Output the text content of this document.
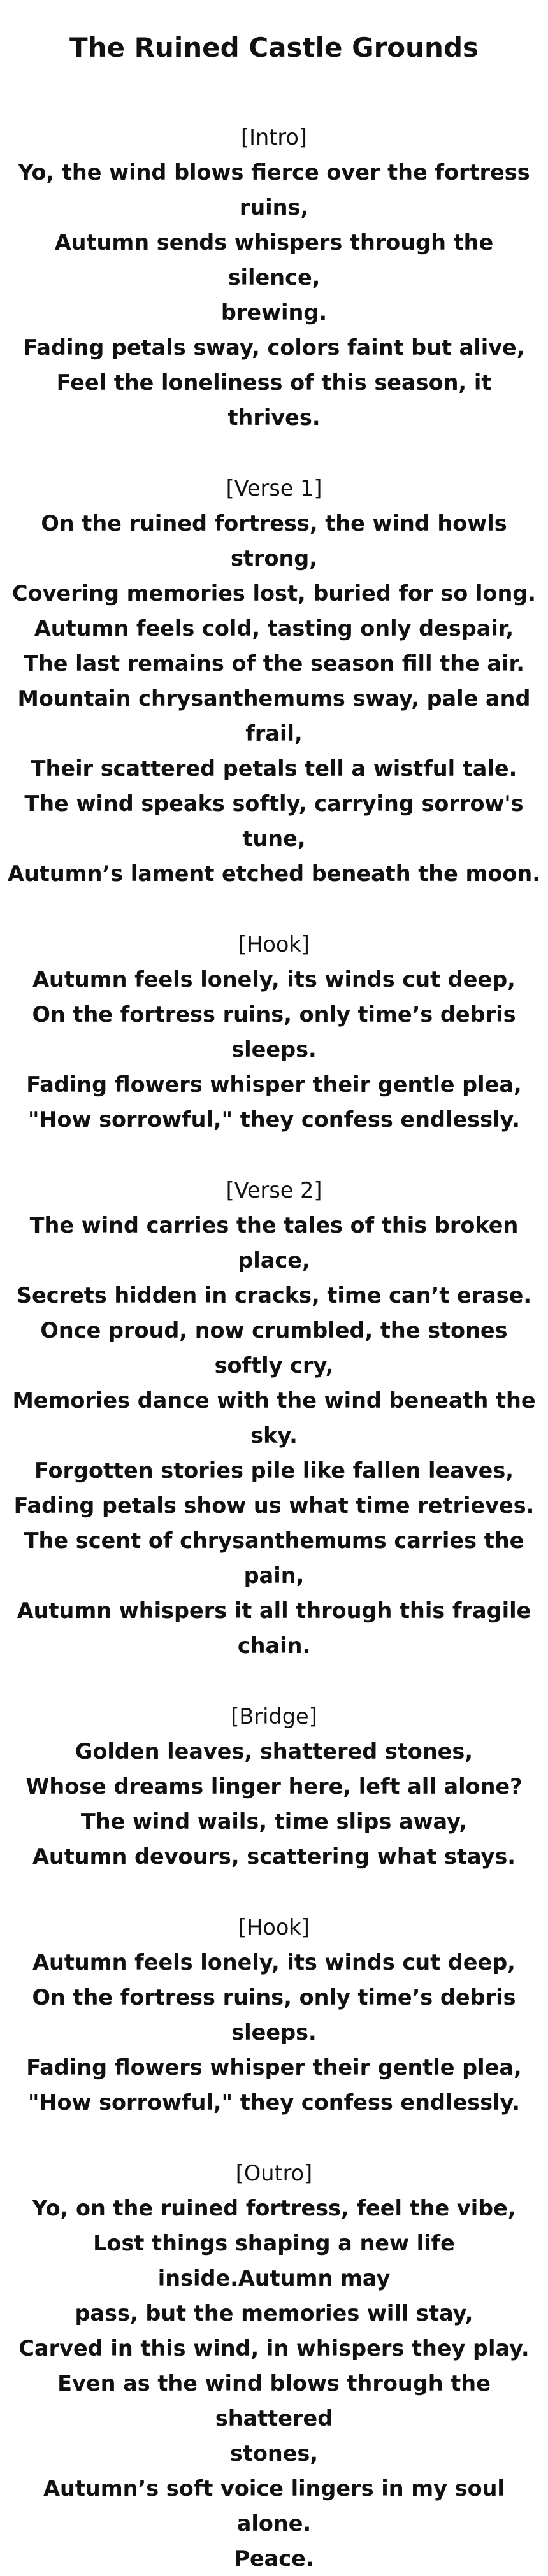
The Ruined Castle Grounds
[Intro]
Yo, the wind blows fierce over the fortress ruins,
Autumn sends whispers through the silence,
brewing.
Fading petals sway, colors faint but alive,
Feel the loneliness of this season, it thrives.
[Verse 1]
On the ruined fortress, the wind howls strong,
Covering memories lost, buried for so long.
Autumn feels cold, tasting only despair,
The last remains of the season fill the air.
Mountain chrysanthemums sway, pale and frail,
Their scattered petals tell a wistful tale.
The wind speaks softly, carrying sorrow's tune,
Autumn’s lament etched beneath the moon.
[Hook]
Autumn feels lonely, its winds cut deep,
On the fortress ruins, only time’s debris sleeps.
Fading flowers whisper their gentle plea,
"How sorrowful," they confess endlessly.
[Verse 2]
The wind carries the tales of this broken place,
Secrets hidden in cracks, time can’t erase.
Once proud, now crumbled, the stones softly cry,
Memories dance with the wind beneath the sky.
Forgotten stories pile like fallen leaves,
Fading petals show us what time retrieves.
The scent of chrysanthemums carries the pain,
Autumn whispers it all through this fragile chain.
[Bridge]
Golden leaves, shattered stones,
Whose dreams linger here, left all alone?
The wind wails, time slips away,
Autumn devours, scattering what stays.
[Hook]
Autumn feels lonely, its winds cut deep,
On the fortress ruins, only time’s debris sleeps.
Fading flowers whisper their gentle plea,
"How sorrowful," they confess endlessly.
[Outro]
Yo, on the ruined fortress, feel the vibe,
Lost things shaping a new life inside.Autumn may
pass, but the memories will stay,
Carved in this wind, in whispers they play.
Even as the wind blows through the shattered
stones,
Autumn’s soft voice lingers in my soul alone.
Peace.
